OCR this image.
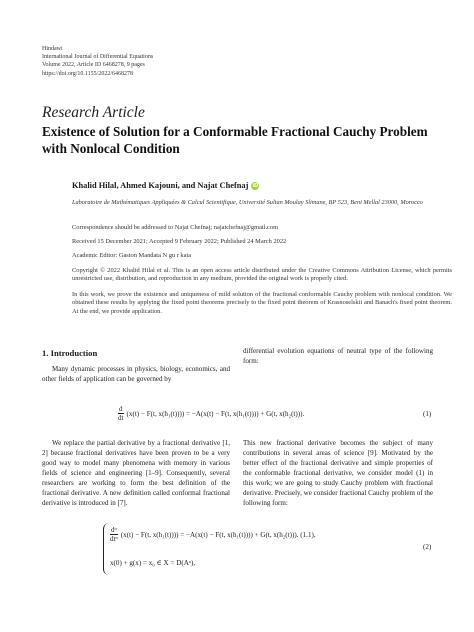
Hindawi
International Journal of Differential Equations
Volume 2022, Article ID 6468278, 9 pages
https://doi.org/10.1155/2022/6468278
Research Article
Existence of Solution for a Conformable Fractional Cauchy Problem with Nonlocal Condition
Khalid Hilal, Ahmed Kajouni, and Najat Chefnaj iD
Laboratoire de Mathématiques Appliquées & Calcul Scientifique, Université Sultan Moulay Slimane, BP 523, Beni Mellal 23000, Morocco
Correspondence should be addressed to Najat Chefnaj; najatchefnaj@gmail.com
Received 15 December 2021; Accepted 9 February 2022; Published 24 March 2022
Academic Editor: Gaston Mandata N gu r kata
Copyright © 2022 Khalid Hilal et al. This is an open access article distributed under the Creative Commons Attribution License, which permits unrestricted use, distribution, and reproduction in any medium, provided the original work is properly cited.
In this work, we prove the existence and uniqueness of mild solution of the fractional conformable Cauchy problem with nonlocal condition. We obtained these results by applying the fixed point theorems precisely to the fixed point theorem of Krasnoselskii and Banach's fixed point theorem. At the end, we provide application.
1. Introduction

Many dynamic processes in physics, biology, economics, and other fields of application can be governed by

differential evolution equations of neutral type of the following form:

$\frac{d}{dt} (x(t) - F(t$, x(h₁(t)))) = −A(x(t) − F(t, x(h₁(t)))) + G(t, x(h₂(t))).	(1)

We replace the partial derivative by a fractional derivative [1, 2] because fractional derivatives have been proven to be a very good way to model many phenomena with memory in various fields of science and engineering [1–9]. Consequently, several researchers are working to form the best definition of the fractional derivative. A new definition called conformal fractional derivative is introduced in [7].

This new fractional derivative becomes the subject of many contributions in several areas of science [9]. Motivated by the better effect of the fractional derivative and simple properties of the conformable fractional derivative, we consider model (1) in this work; we are going to study Cauchy problem with fractional derivative. Precisely, we consider fractional Cauchy problem of the following form:

$\frac{\text{dᵅ}}{\text{dtᵅ}} (x(t) - F(t$, x(h₁(t)))) = −A(x(t) − F(t, x(h₁(t)))) + G(t, x(h₂(t))). (1.1),
x(0) + g(x) = x₀ ∈ X = D(Aᵅ),
(2)
